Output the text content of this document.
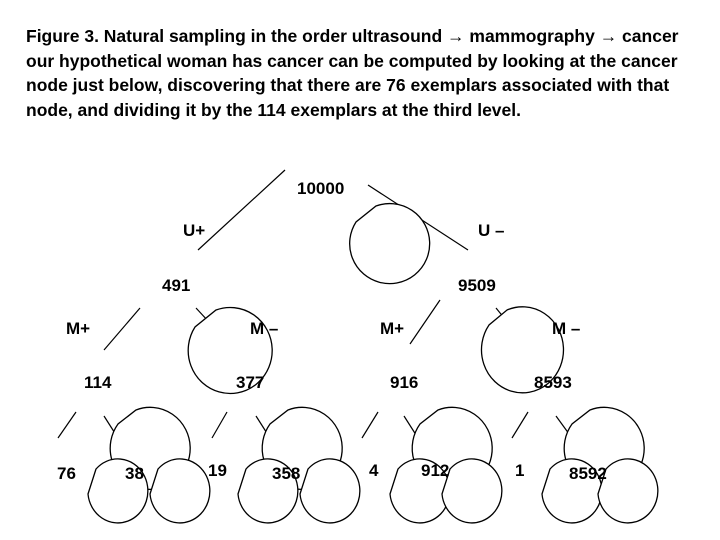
Figure 3. Natural sampling in the order ultrasound → mammography → cancer our hypothetical woman has cancer can be computed by looking at the cancer node just below, discovering that there are 76 exemplars associated with that node, and dividing it by the 114 exemplars at the third level.

10000
491	9509
114	377	916	8593
76	38	19	358	4	912	1	8592
U+	U –
M+	M –	M+	M –
